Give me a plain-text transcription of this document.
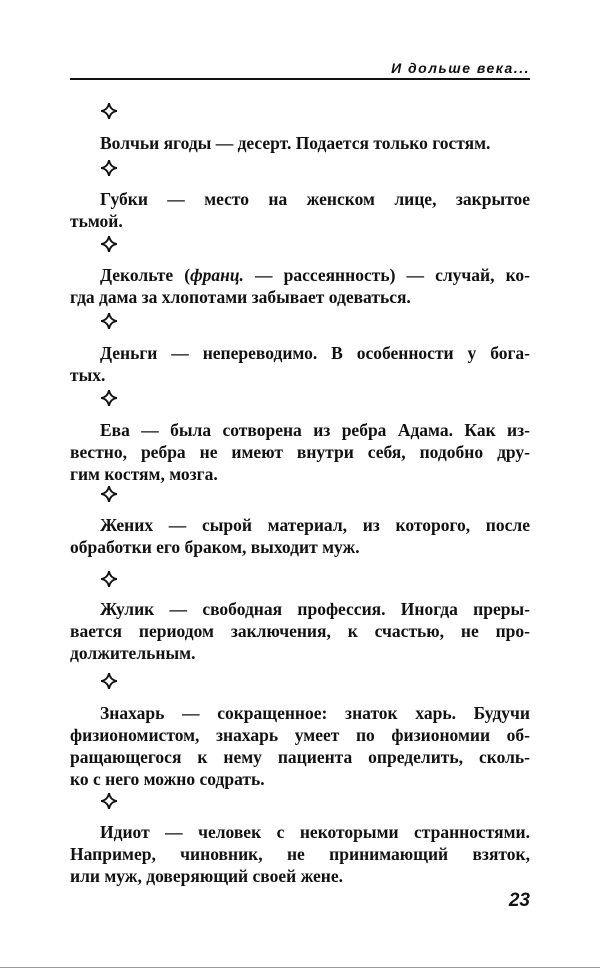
И дольше века...
Волчьи ягоды — десерт. Подается только гостям.
Губки — место на женском лице, закрытое
тьмой.
Декольте (франц. — рассеянность) — случай, ко-
гда дама за хлопотами забывает одеваться.
Деньги — непереводимо. В особенности у бога-
тых.
Ева — была сотворена из ребра Адама. Как из-
вестно, ребра не имеют внутри себя, подобно дру-
гим костям, мозга.
Жених — сырой материал, из которого, после
обработки его браком, выходит муж.
Жулик — свободная профессия. Иногда преры-
вается периодом заключения, к счастью, не про-
должительным.
Знахарь — сокращенное: знаток харь. Будучи
физиономистом, знахарь умеет по физиономии об-
ращающегося к нему пациента определить, сколь-
ко с него можно содрать.
Идиот — человек с некоторыми странностями.
Например, чиновник, не принимающий взяток,
или муж, доверяющий своей жене.
23
